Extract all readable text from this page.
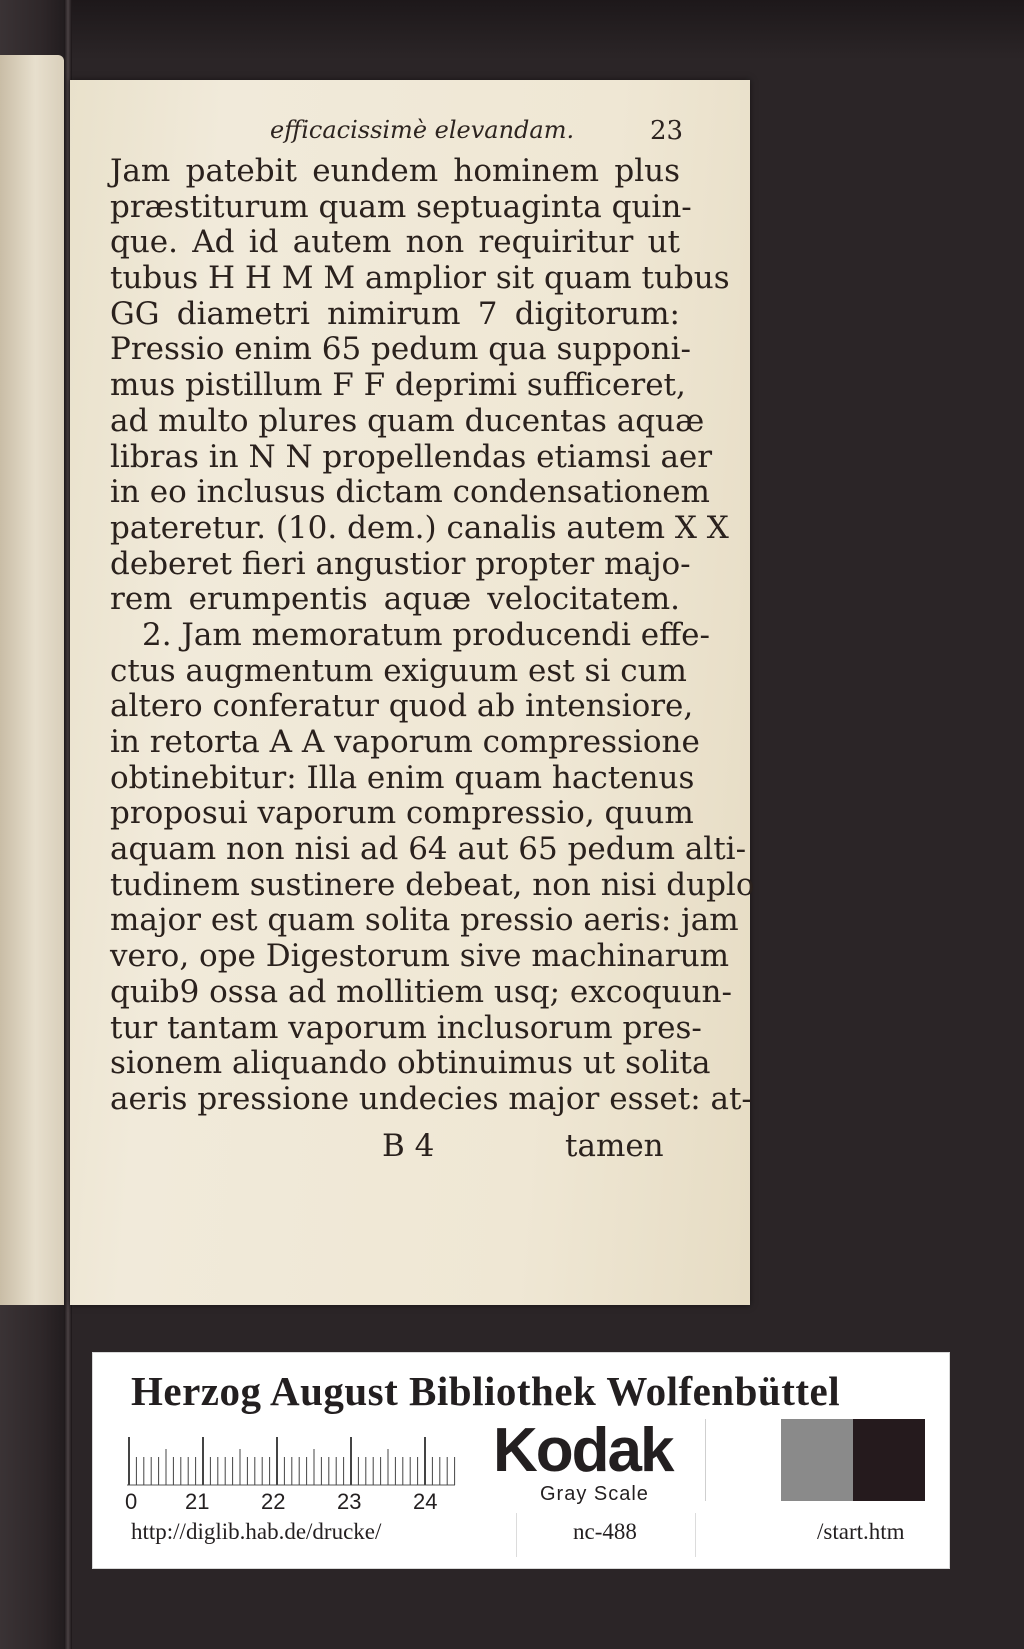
efficacissimè elevandam.	23
Jam patebit eundem hominem plus
præstiturum quam septuaginta quin-
que. Ad id autem non requiritur ut
tubus H H M M amplior sit quam tubus
GG diametri nimirum 7 digitorum:
Pressio enim 65 pedum qua supponi-
mus pistillum F F deprimi sufficeret,
ad multo plures quam ducentas aquæ
libras in N N propellendas etiamsi aer
in eo inclusus dictam condensationem
pateretur. (10. dem.) canalis autem X X
deberet fieri angustior propter majo-
rem erumpentis aquæ velocitatem.
2. Jam memoratum producendi effe-
ctus augmentum exiguum est si cum
altero conferatur quod ab intensiore,
in retorta A A vaporum compressione
obtinebitur: Illa enim quam hactenus
proposui vaporum compressio, quum
aquam non nisi ad 64 aut 65 pedum alti-
tudinem sustinere debeat, non nisi duplo
major est quam solita pressio aeris: jam
vero, ope Digestorum sive machinarum
quib9 ossa ad mollitiem usq; excoquun-
tur tantam vaporum inclusorum pres-
sionem aliquando obtinuimus ut solita
aeris pressione undecies major esset: at-
B 4	tamen
Herzog August Bibliothek Wolfenbüttel
0 21 22 23 24
Kodak
Gray Scale
http://diglib.hab.de/drucke/	nc-488	/start.htm
